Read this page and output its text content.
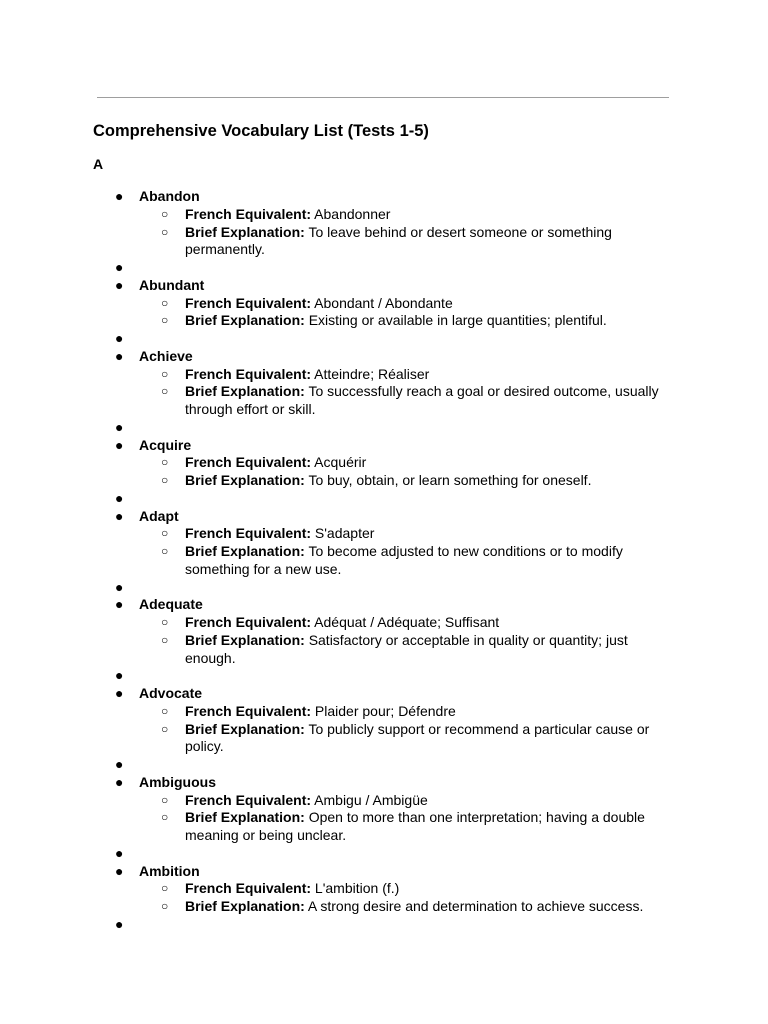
Comprehensive Vocabulary List (Tests 1-5)
A
● Abandon
○ French Equivalent: Abandonner
○ Brief Explanation: To leave behind or desert someone or something permanently.
●
● Abundant
○ French Equivalent: Abondant / Abondante
○ Brief Explanation: Existing or available in large quantities; plentiful.
●
● Achieve
○ French Equivalent: Atteindre; Réaliser
○ Brief Explanation: To successfully reach a goal or desired outcome, usually through effort or skill.
●
● Acquire
○ French Equivalent: Acquérir
○ Brief Explanation: To buy, obtain, or learn something for oneself.
●
● Adapt
○ French Equivalent: S'adapter
○ Brief Explanation: To become adjusted to new conditions or to modify something for a new use.
●
● Adequate
○ French Equivalent: Adéquat / Adéquate; Suffisant
○ Brief Explanation: Satisfactory or acceptable in quality or quantity; just enough.
●
● Advocate
○ French Equivalent: Plaider pour; Défendre
○ Brief Explanation: To publicly support or recommend a particular cause or policy.
●
● Ambiguous
○ French Equivalent: Ambigu / Ambigüe
○ Brief Explanation: Open to more than one interpretation; having a double meaning or being unclear.
●
● Ambition
○ French Equivalent: L'ambition (f.)
○ Brief Explanation: A strong desire and determination to achieve success.
●
